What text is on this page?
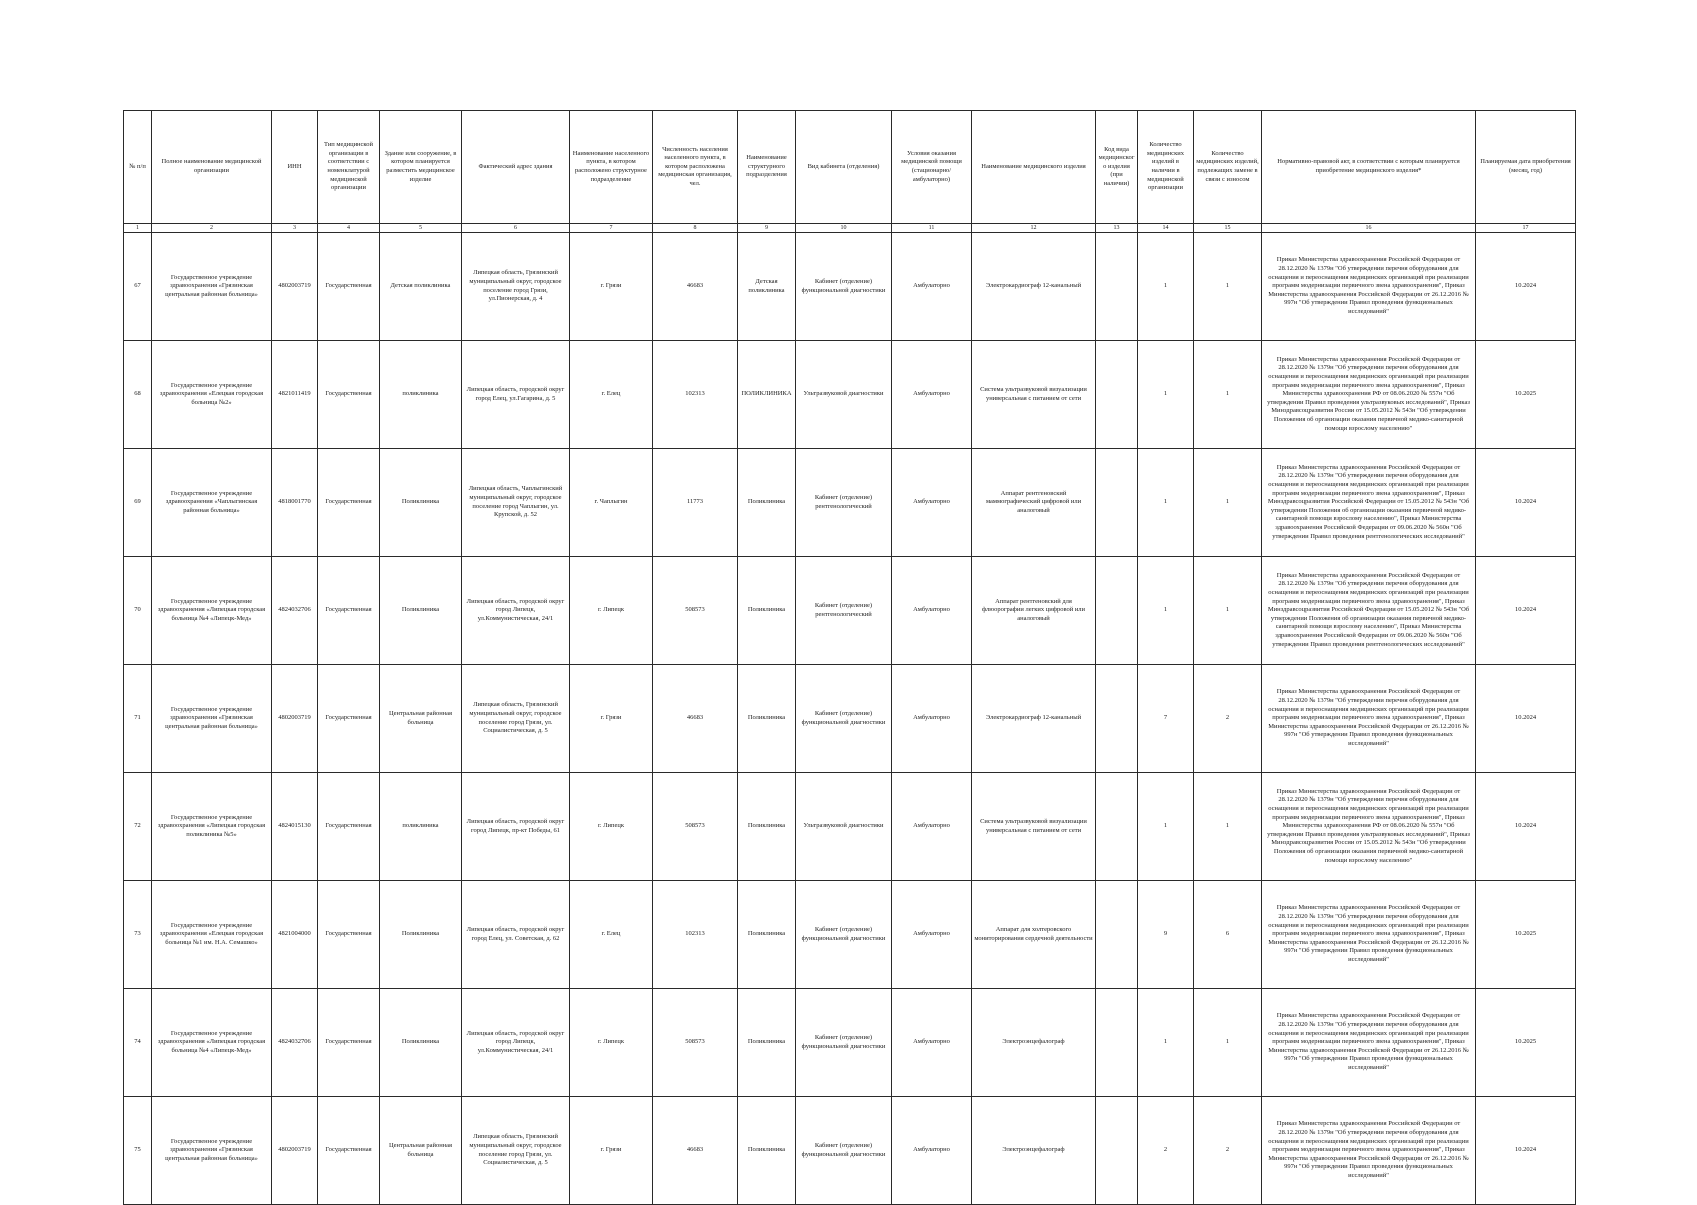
№ п/п	Полное наименование медицинской организации	ИНН	Тип медицинской организации в соответствии с номенклатурой медицинской организации	Здание или сооружение, в котором планируется разместить медицинское изделие	Фактический адрес здания	Наименование населенного пункта, в котором расположено структурное подразделение	Численность населения населенного пункта, в котором расположена медицинская организация, чел.	Наименование структурного подразделения	Вид кабинета (отделения)	Условия оказания медицинской помощи (стационарно/амбулаторно)	Наименование медицинского изделия	Код вида медицинского изделия (при наличии)	Количество медицинских изделий в наличии в медицинской организации	Количество медицинских изделий, подлежащих замене в связи с износом	Нормативно-правовой акт, в соответствии с которым планируется приобретение медицинского изделия*	Планируемая дата приобретения (месяц, год)
1	2	3	4	5	6	7	8	9	10	11	12	13	14	15	16	17
67	Государственное учреждение здравоохранения «Грязинская центральная районная больница»	4802003719	Государственная	Детская поликлиника	Липецкая область, Грязинский муниципальный округ, городское поселение город Грязи, ул.Пионерская, д. 4	г. Грязи	46683	Детская поликлиника	Кабинет (отделение) функциональной диагностики	Амбулаторно	Электрокардиограф 12-канальный		1	1	Приказ Министерства здравоохранения Российской Федерации от 28.12.2020 № 1379н "Об утверждении перечня оборудования для оснащения и переоснащения медицинских организаций при реализации программ модернизации первичного звена здравоохранения", Приказ Министерства здравоохранения Российской Федерации от 26.12.2016 № 997н "Об утверждении Правил проведения функциональных исследований"	10.2024
68	Государственное учреждение здравоохранения «Елецкая городская больница №2»	4821011419	Государственная	поликлиника	Липецкая область, городской округ город Елец, ул.Гагарина, д. 5	г. Елец	102313	ПОЛИКЛИНИКА	Ультразвуковой диагностики	Амбулаторно	Система ультразвуковой визуализации универсальная с питанием от сети		1	1	Приказ Министерства здравоохранения Российской Федерации от 28.12.2020 № 1379н "Об утверждении перечня оборудования для оснащения и переоснащения медицинских организаций при реализации программ модернизации первичного звена здравоохранения", Приказ Министерства здравоохранения РФ от 08.06.2020 № 557н "Об утверждении Правил проведения ультразвуковых исследований", Приказ Минздравсоцразвития России от 15.05.2012 № 543н "Об утверждении Положения об организации оказания первичной медико-санитарной помощи взрослому населению"	10.2025
69	Государственное учреждение здравоохранения «Чаплыгинская районная больница»	4818001770	Государственная	Поликлиника	Липецкая область, Чаплыгинский муниципальный округ, городское поселение город Чаплыгин, ул. Крупской, д. 52	г. Чаплыгин	11773	Поликлиника	Кабинет (отделение) рентгенологический	Амбулаторно	Аппарат рентгеновский маммографический цифровой или аналоговый		1	1	Приказ Министерства здравоохранения Российской Федерации от 28.12.2020 № 1379н "Об утверждении перечня оборудования для оснащения и переоснащения медицинских организаций при реализации программ модернизации первичного звена здравоохранения", Приказ Минздравсоцразвития Российской Федерации от 15.05.2012 № 543н "Об утверждении Положения об организации оказания первичной медико-санитарной помощи взрослому населению", Приказ Министерства здравоохранения Российской Федерации от 09.06.2020 № 560н "Об утверждении Правил проведения рентгенологических исследований"	10.2024
70	Государственное учреждение здравоохранения «Липецкая городская больница №4 «Липецк-Мед»	4824032706	Государственная	Поликлиника	Липецкая область, городской округ город Липецк, ул.Коммунистическая, 24/1	г. Липецк	508573	Поликлиника	Кабинет (отделение) рентгенологический	Амбулаторно	Аппарат рентгеновский для флюорографии легких цифровой или аналоговый		1	1	Приказ Министерства здравоохранения Российской Федерации от 28.12.2020 № 1379н "Об утверждении перечня оборудования для оснащения и переоснащения медицинских организаций при реализации программ модернизации первичного звена здравоохранения", Приказ Минздравсоцразвития Российской Федерации от 15.05.2012 № 543н "Об утверждении Положения об организации оказания первичной медико-санитарной помощи взрослому населению", Приказ Министерства здравоохранения Российской Федерации от 09.06.2020 № 560н "Об утверждении Правил проведения рентгенологических исследований"	10.2024
71	Государственное учреждение здравоохранения «Грязинская центральная районная больница»	4802003719	Государственная	Центральная районная больница	Липецкая область, Грязинский муниципальный округ, городское поселение город Грязи, ул. Социалистическая, д. 5	г. Грязи	46683	Поликлиника	Кабинет (отделение) функциональной диагностики	Амбулаторно	Электрокардиограф 12-канальный		7	2	Приказ Министерства здравоохранения Российской Федерации от 28.12.2020 № 1379н "Об утверждении перечня оборудования для оснащения и переоснащения медицинских организаций при реализации программ модернизации первичного звена здравоохранения", Приказ Министерства здравоохранения Российской Федерации от 26.12.2016 № 997н "Об утверждении Правил проведения функциональных исследований"	10.2024
72	Государственное учреждение здравоохранения «Липецкая городская поликлиника №5»	4824015130	Государственная	поликлиника	Липецкая область, городской округ город Липецк, пр-кт Победы, 61	г. Липецк	508573	Поликлиника	Ультразвуковой диагностики	Амбулаторно	Система ультразвуковой визуализации универсальная с питанием от сети		1	1	Приказ Министерства здравоохранения Российской Федерации от 28.12.2020 № 1379н "Об утверждении перечня оборудования для оснащения и переоснащения медицинских организаций при реализации программ модернизации первичного звена здравоохранения", Приказ Министерства здравоохранения РФ от 08.06.2020 № 557н "Об утверждении Правил проведения ультразвуковых исследований", Приказ Минздравсоцразвития России от 15.05.2012 № 543н "Об утверждении Положения об организации оказания первичной медико-санитарной помощи взрослому населению"	10.2024
73	Государственное учреждение здравоохранения «Елецкая городская больница №1 им. Н.А. Семашко»	4821004000	Государственная	Поликлиника	Липецкая область, городской округ город Елец, ул. Советская, д. 62	г. Елец	102313	Поликлиника	Кабинет (отделение) функциональной диагностики	Амбулаторно	Аппарат для холтеровского мониторирования сердечной деятельности		9	6	Приказ Министерства здравоохранения Российской Федерации от 28.12.2020 № 1379н "Об утверждении перечня оборудования для оснащения и переоснащения медицинских организаций при реализации программ модернизации первичного звена здравоохранения", Приказ Министерства здравоохранения Российской Федерации от 26.12.2016 № 997н "Об утверждении Правил проведения функциональных исследований"	10.2025
74	Государственное учреждение здравоохранения «Липецкая городская больница №4 «Липецк-Мед»	4824032706	Государственная	Поликлиника	Липецкая область, городской округ город Липецк, ул.Коммунистическая, 24/1	г. Липецк	508573	Поликлиника	Кабинет (отделение) функциональной диагностики	Амбулаторно	Электроэнцефалограф		1	1	Приказ Министерства здравоохранения Российской Федерации от 28.12.2020 № 1379н "Об утверждении перечня оборудования для оснащения и переоснащения медицинских организаций при реализации программ модернизации первичного звена здравоохранения", Приказ Министерства здравоохранения Российской Федерации от 26.12.2016 № 997н "Об утверждении Правил проведения функциональных исследований"	10.2025
75	Государственное учреждение здравоохранения «Грязинская центральная районная больница»	4802003719	Государственная	Центральная районная больница	Липецкая область, Грязинский муниципальный округ, городское поселение город Грязи, ул. Социалистическая, д. 5	г. Грязи	46683	Поликлиника	Кабинет (отделение) функциональной диагностики	Амбулаторно	Электроэнцефалограф		2	2	Приказ Министерства здравоохранения Российской Федерации от 28.12.2020 № 1379н "Об утверждении перечня оборудования для оснащения и переоснащения медицинских организаций при реализации программ модернизации первичного звена здравоохранения", Приказ Министерства здравоохранения Российской Федерации от 26.12.2016 № 997н "Об утверждении Правил проведения функциональных исследований"	10.2024
